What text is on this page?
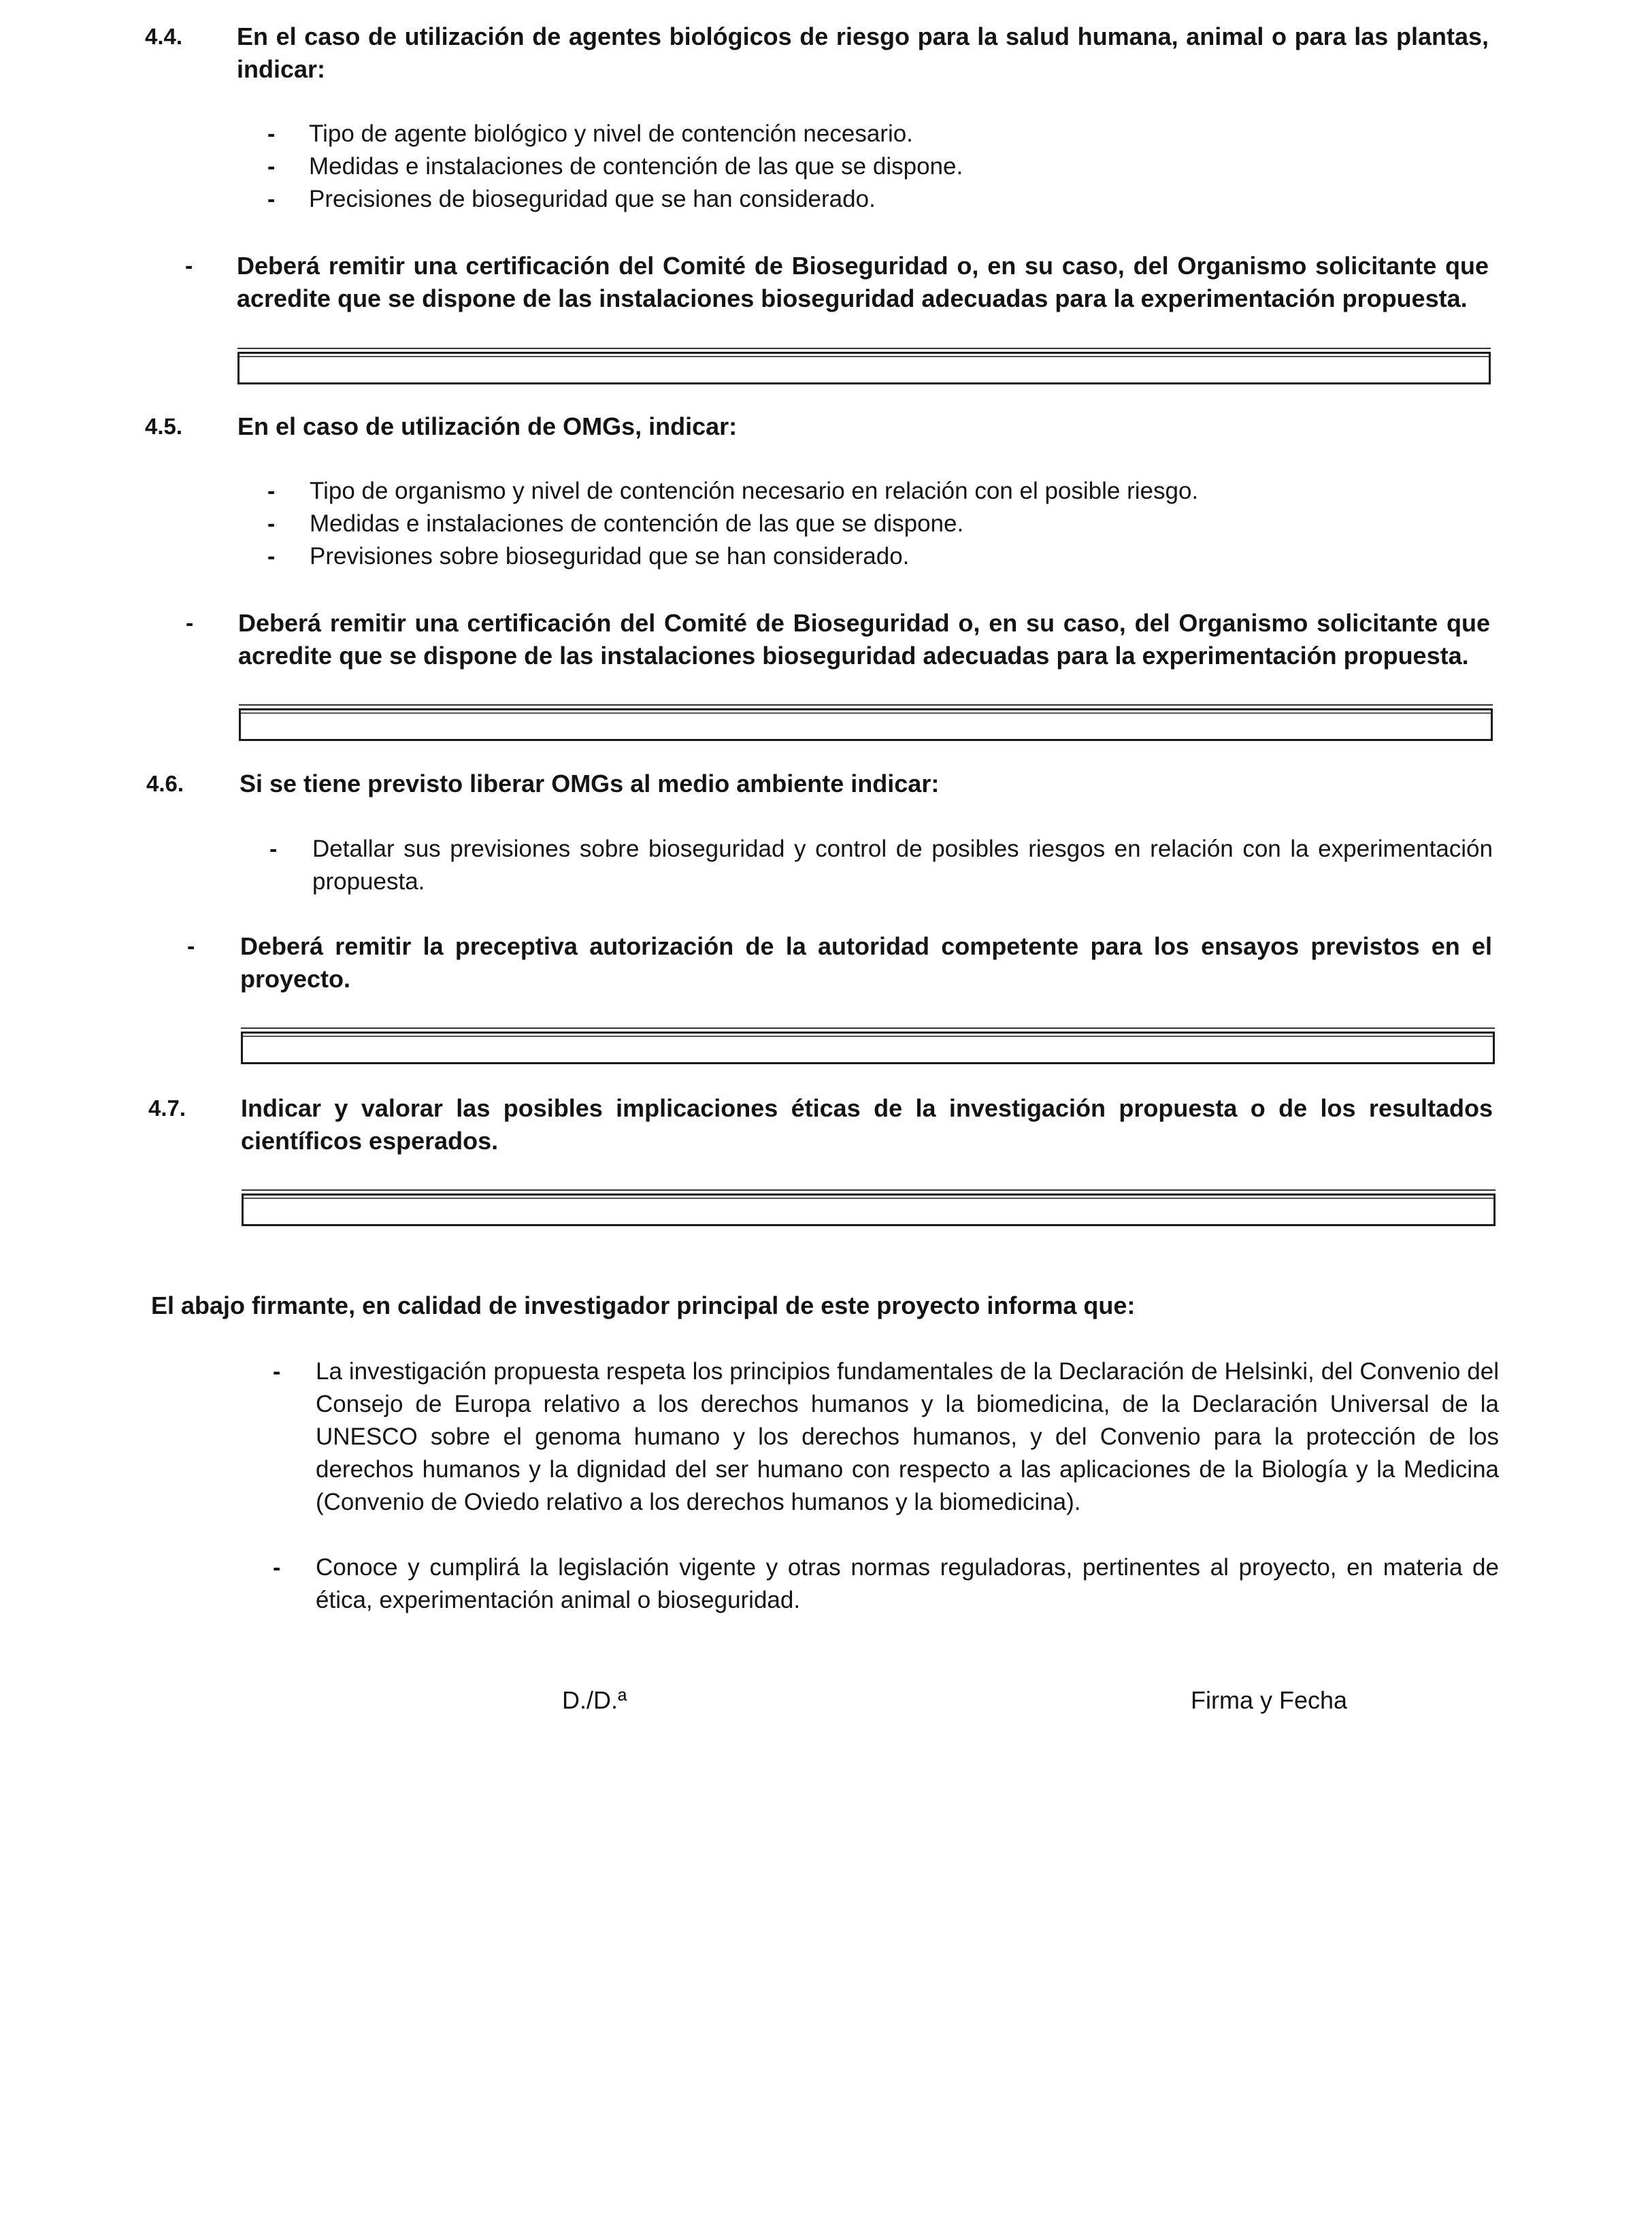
4.4. En el caso de utilización de agentes biológicos de riesgo para la salud humana, animal o para las plantas, indicar:
- Tipo de agente biológico y nivel de contención necesario.
- Medidas e instalaciones de contención de las que se dispone.
- Precisiones de bioseguridad que se han considerado.
- Deberá remitir una certificación del Comité de Bioseguridad o, en su caso, del Organismo solicitante que acredite que se dispone de las instalaciones bioseguridad adecuadas para la experimentación propuesta.
4.5. En el caso de utilización de OMGs, indicar:
- Tipo de organismo y nivel de contención necesario en relación con el posible riesgo.
- Medidas e instalaciones de contención de las que se dispone.
- Previsiones sobre bioseguridad que se han considerado.
- Deberá remitir una certificación del Comité de Bioseguridad o, en su caso, del Organismo solicitante que acredite que se dispone de las instalaciones bioseguridad adecuadas para la experimentación propuesta.
4.6. Si se tiene previsto liberar OMGs al medio ambiente indicar:
- Detallar sus previsiones sobre bioseguridad y control de posibles riesgos en relación con la experimentación propuesta.
- Deberá remitir la preceptiva autorización de la autoridad competente para los ensayos previstos en el proyecto.
4.7. Indicar y valorar las posibles implicaciones éticas de la investigación propuesta o de los resultados científicos esperados.
El abajo firmante, en calidad de investigador principal de este proyecto informa que:
- La investigación propuesta respeta los principios fundamentales de la Declaración de Helsinki, del Convenio del Consejo de Europa relativo a los derechos humanos y la biomedicina, de la Declaración Universal de la UNESCO sobre el genoma humano y los derechos humanos, y del Convenio para la protección de los derechos humanos y la dignidad del ser humano con respecto a las aplicaciones de la Biología y la Medicina (Convenio de Oviedo relativo a los derechos humanos y la biomedicina).
- Conoce y cumplirá la legislación vigente y otras normas reguladoras, pertinentes al proyecto, en materia de ética, experimentación animal o bioseguridad.
D./D.ª	Firma y Fecha
